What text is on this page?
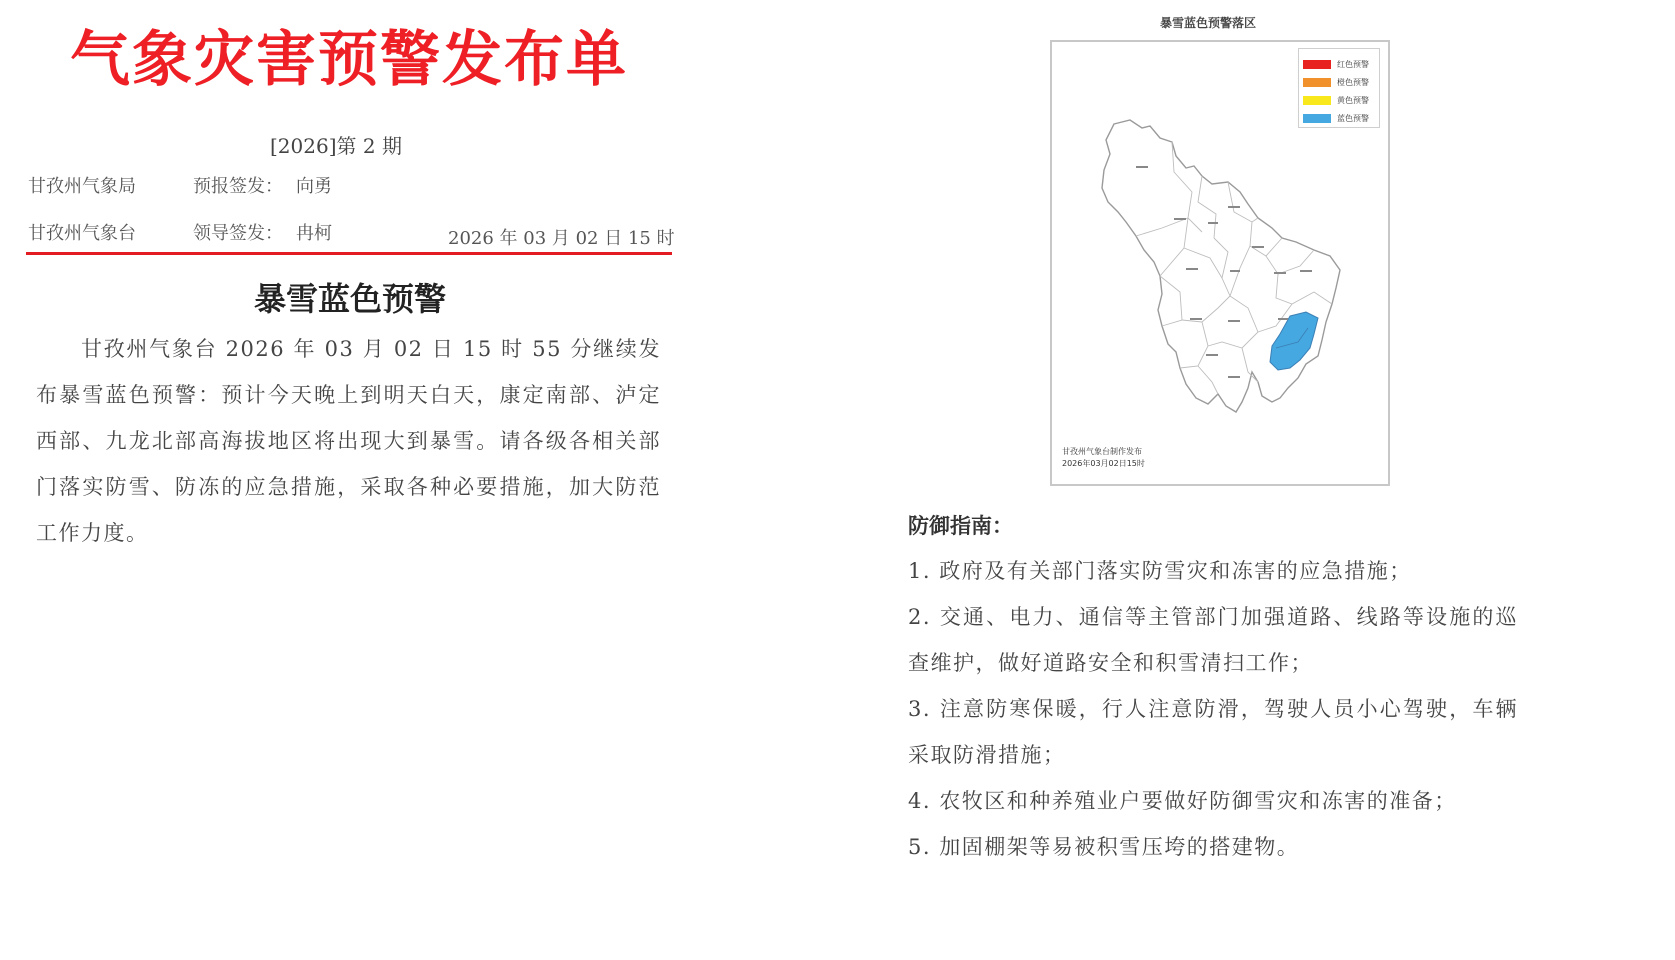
气象灾害预警发布单
[2026]第 2 期
甘孜州气象局	预报签发： 向勇
甘孜州气象台	领导签发： 冉柯	2026 年 03 月 02 日 15 时
暴雪蓝色预警

甘孜州气象台 2026 年 03 月 02 日 15 时 55 分继续发布暴雪蓝色预警：预计今天晚上到明天白天，康定南部、泸定西部、九龙北部高海拔地区将出现大到暴雪。请各级各相关部门落实防雪、防冻的应急措施，采取各种必要措施，加大防范工作力度。

暴雪蓝色预警落区
红色预警
橙色预警
黄色预警
蓝色预警
甘孜州气象台制作发布
2026年03月02日15时
防御指南：
1. 政府及有关部门落实防雪灾和冻害的应急措施；
2. 交通、电力、通信等主管部门加强道路、线路等设施的巡查维护，做好道路安全和积雪清扫工作；
3. 注意防寒保暖，行人注意防滑，驾驶人员小心驾驶，车辆采取防滑措施；
4. 农牧区和种养殖业户要做好防御雪灾和冻害的准备；
5. 加固棚架等易被积雪压垮的搭建物。
